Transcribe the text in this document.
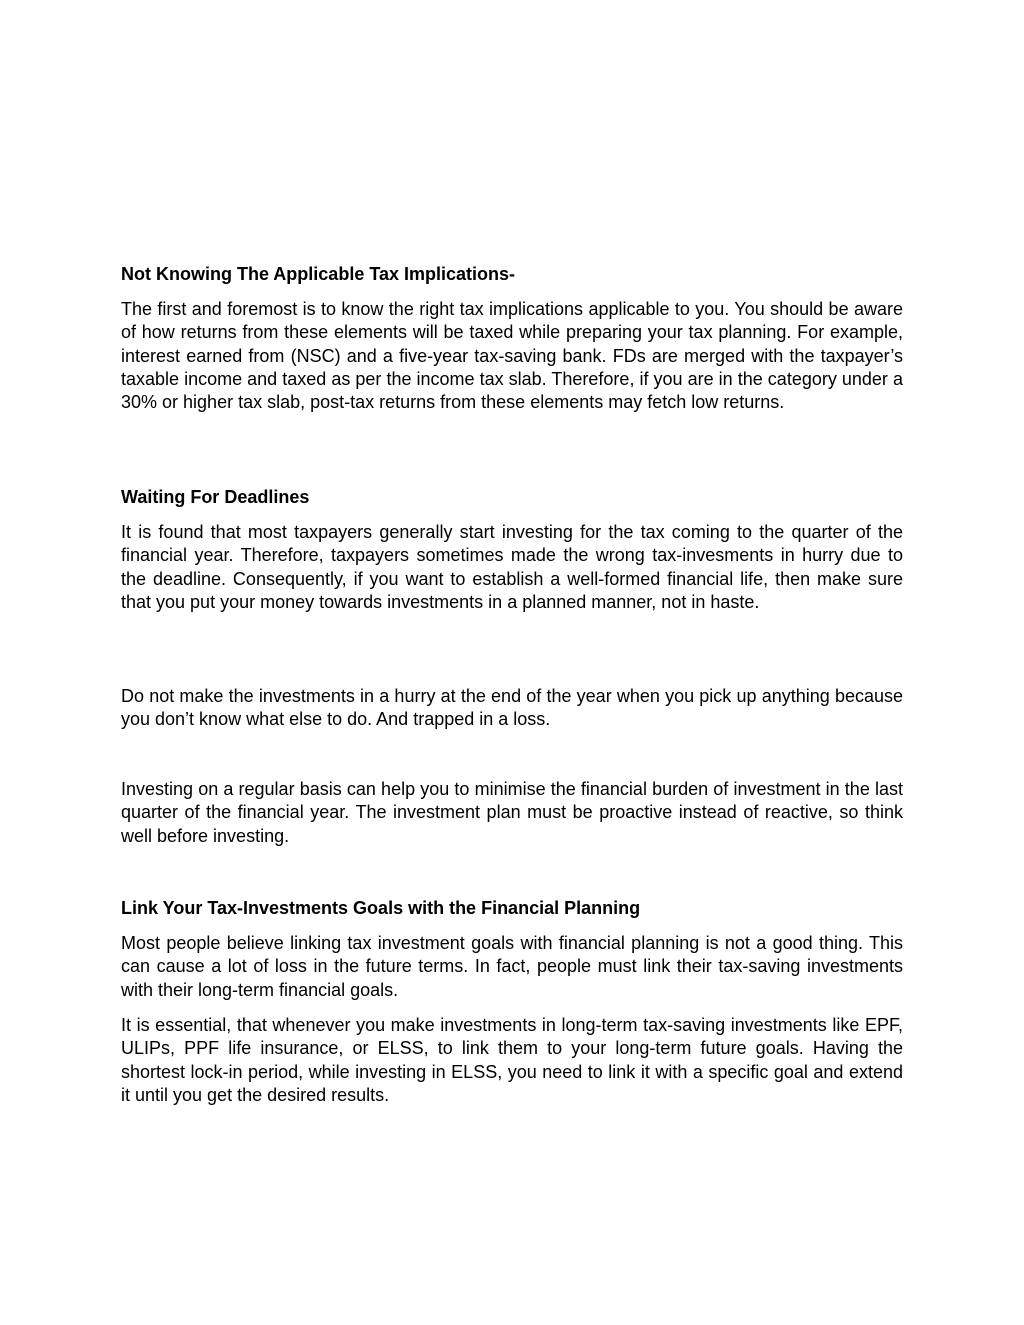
Not Knowing The Applicable Tax Implications-

The first and foremost is to know the right tax implications applicable to you. You should be aware of how returns from these elements will be taxed while preparing your tax planning. For example, interest earned from (NSC) and a five-year tax-saving bank. FDs are merged with the taxpayer’s taxable income and taxed as per the income tax slab. Therefore, if you are in the category under a 30% or higher tax slab, post-tax returns from these elements may fetch low returns.

Waiting For Deadlines

It is found that most taxpayers generally start investing for the tax coming to the quarter of the financial year. Therefore, taxpayers sometimes made the wrong tax-invesments in hurry due to the deadline. Consequently, if you want to establish a well-formed financial life, then make sure that you put your money towards investments in a planned manner, not in haste.

Do not make the investments in a hurry at the end of the year when you pick up anything because you don’t know what else to do. And trapped in a loss.

Investing on a regular basis can help you to minimise the financial burden of investment in the last quarter of the financial year. The investment plan must be proactive instead of reactive, so think well before investing.

Link Your Tax-Investments Goals with the Financial Planning

Most people believe linking tax investment goals with financial planning is not a good thing. This can cause a lot of loss in the future terms. In fact, people must link their tax-saving investments with their long-term financial goals.

It is essential, that whenever you make investments in long-term tax-saving investments like EPF, ULIPs, PPF life insurance, or ELSS, to link them to your long-term future goals. Having the shortest lock-in period, while investing in ELSS, you need to link it with a specific goal and extend it until you get the desired results.
